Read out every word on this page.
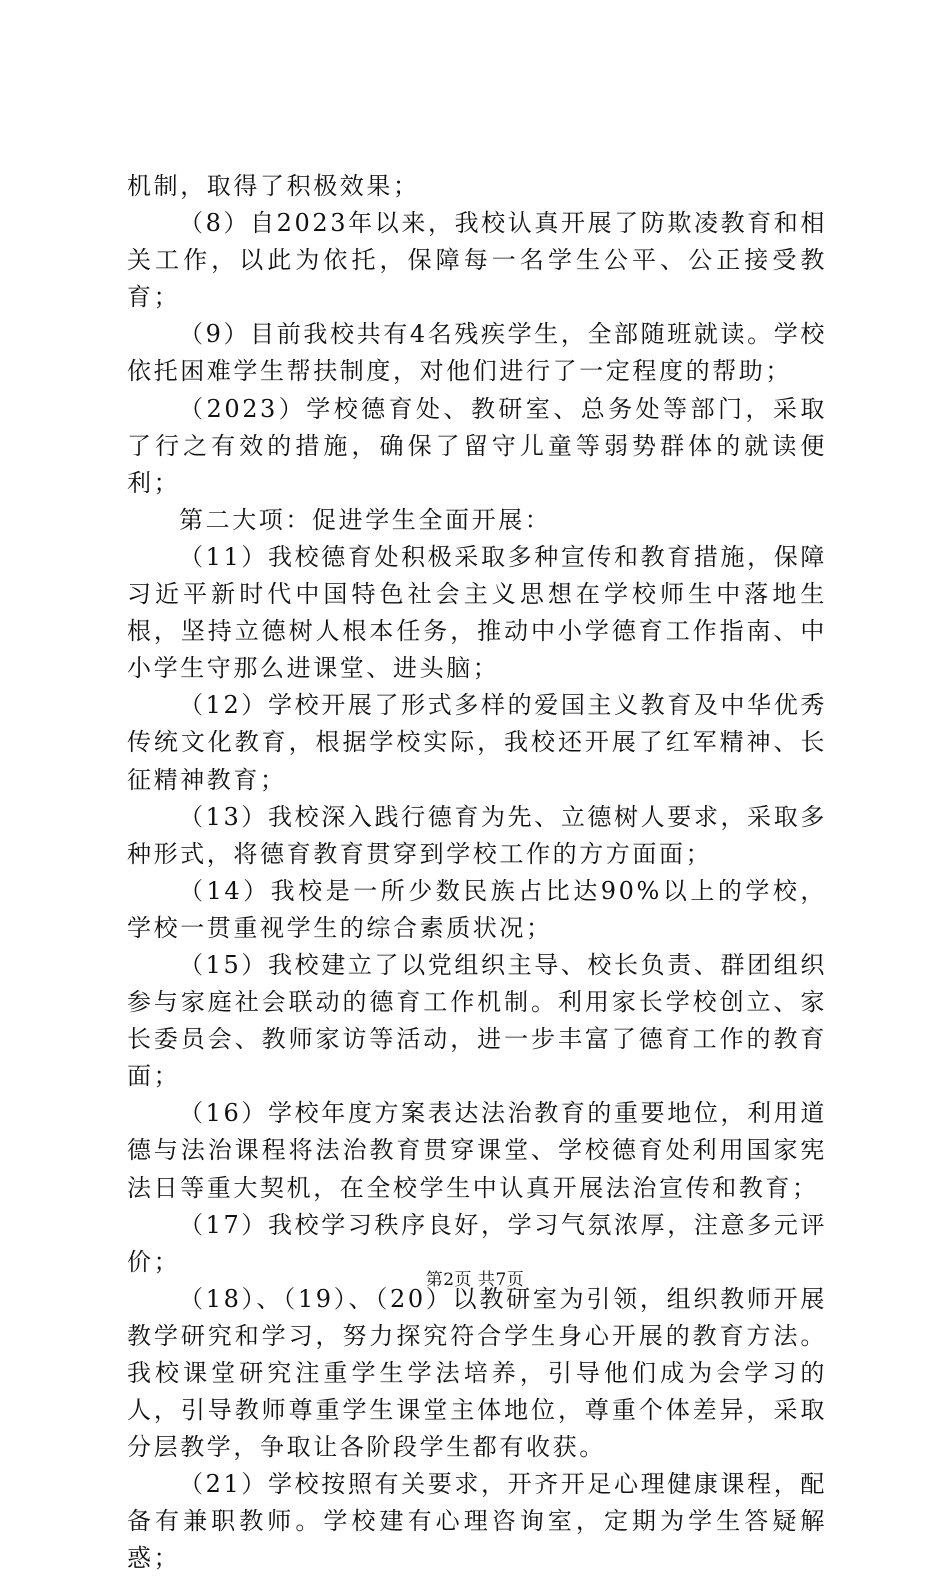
机制，取得了积极效果；

（8）自2023年以来，我校认真开展了防欺凌教育和相关工作，以此为依托，保障每一名学生公平、公正接受教育；

（9）目前我校共有4名残疾学生，全部随班就读。学校依托困难学生帮扶制度，对他们进行了一定程度的帮助；

（2023）学校德育处、教研室、总务处等部门，采取了行之有效的措施，确保了留守儿童等弱势群体的就读便利；

第二大项：促进学生全面开展：

（11）我校德育处积极采取多种宣传和教育措施，保障习近平新时代中国特色社会主义思想在学校师生中落地生根，坚持立德树人根本任务，推动中小学德育工作指南、中小学生守那么进课堂、进头脑；

（12）学校开展了形式多样的爱国主义教育及中华优秀传统文化教育，根据学校实际，我校还开展了红军精神、长征精神教育；

（13）我校深入践行德育为先、立德树人要求，采取多种形式，将德育教育贯穿到学校工作的方方面面；

（14）我校是一所少数民族占比达90%以上的学校，学校一贯重视学生的综合素质状况；

（15）我校建立了以党组织主导、校长负责、群团组织参与家庭社会联动的德育工作机制。利用家长学校创立、家长委员会、教师家访等活动，进一步丰富了德育工作的教育面；

（16）学校年度方案表达法治教育的重要地位，利用道德与法治课程将法治教育贯穿课堂、学校德育处利用国家宪法日等重大契机，在全校学生中认真开展法治宣传和教育；

（17）我校学习秩序良好，学习气氛浓厚，注意多元评价；

（18）、（19）、（20）以教研室为引领，组织教师开展教学研究和学习，努力探究符合学生身心开展的教育方法。我校课堂研究注重学生学法培养，引导他们成为会学习的人，引导教师尊重学生课堂主体地位，尊重个体差异，采取分层教学，争取让各阶段学生都有收获。

（21）学校按照有关要求，开齐开足心理健康课程，配备有兼职教师。学校建有心理咨询室，定期为学生答疑解惑；

第2页 共7页
